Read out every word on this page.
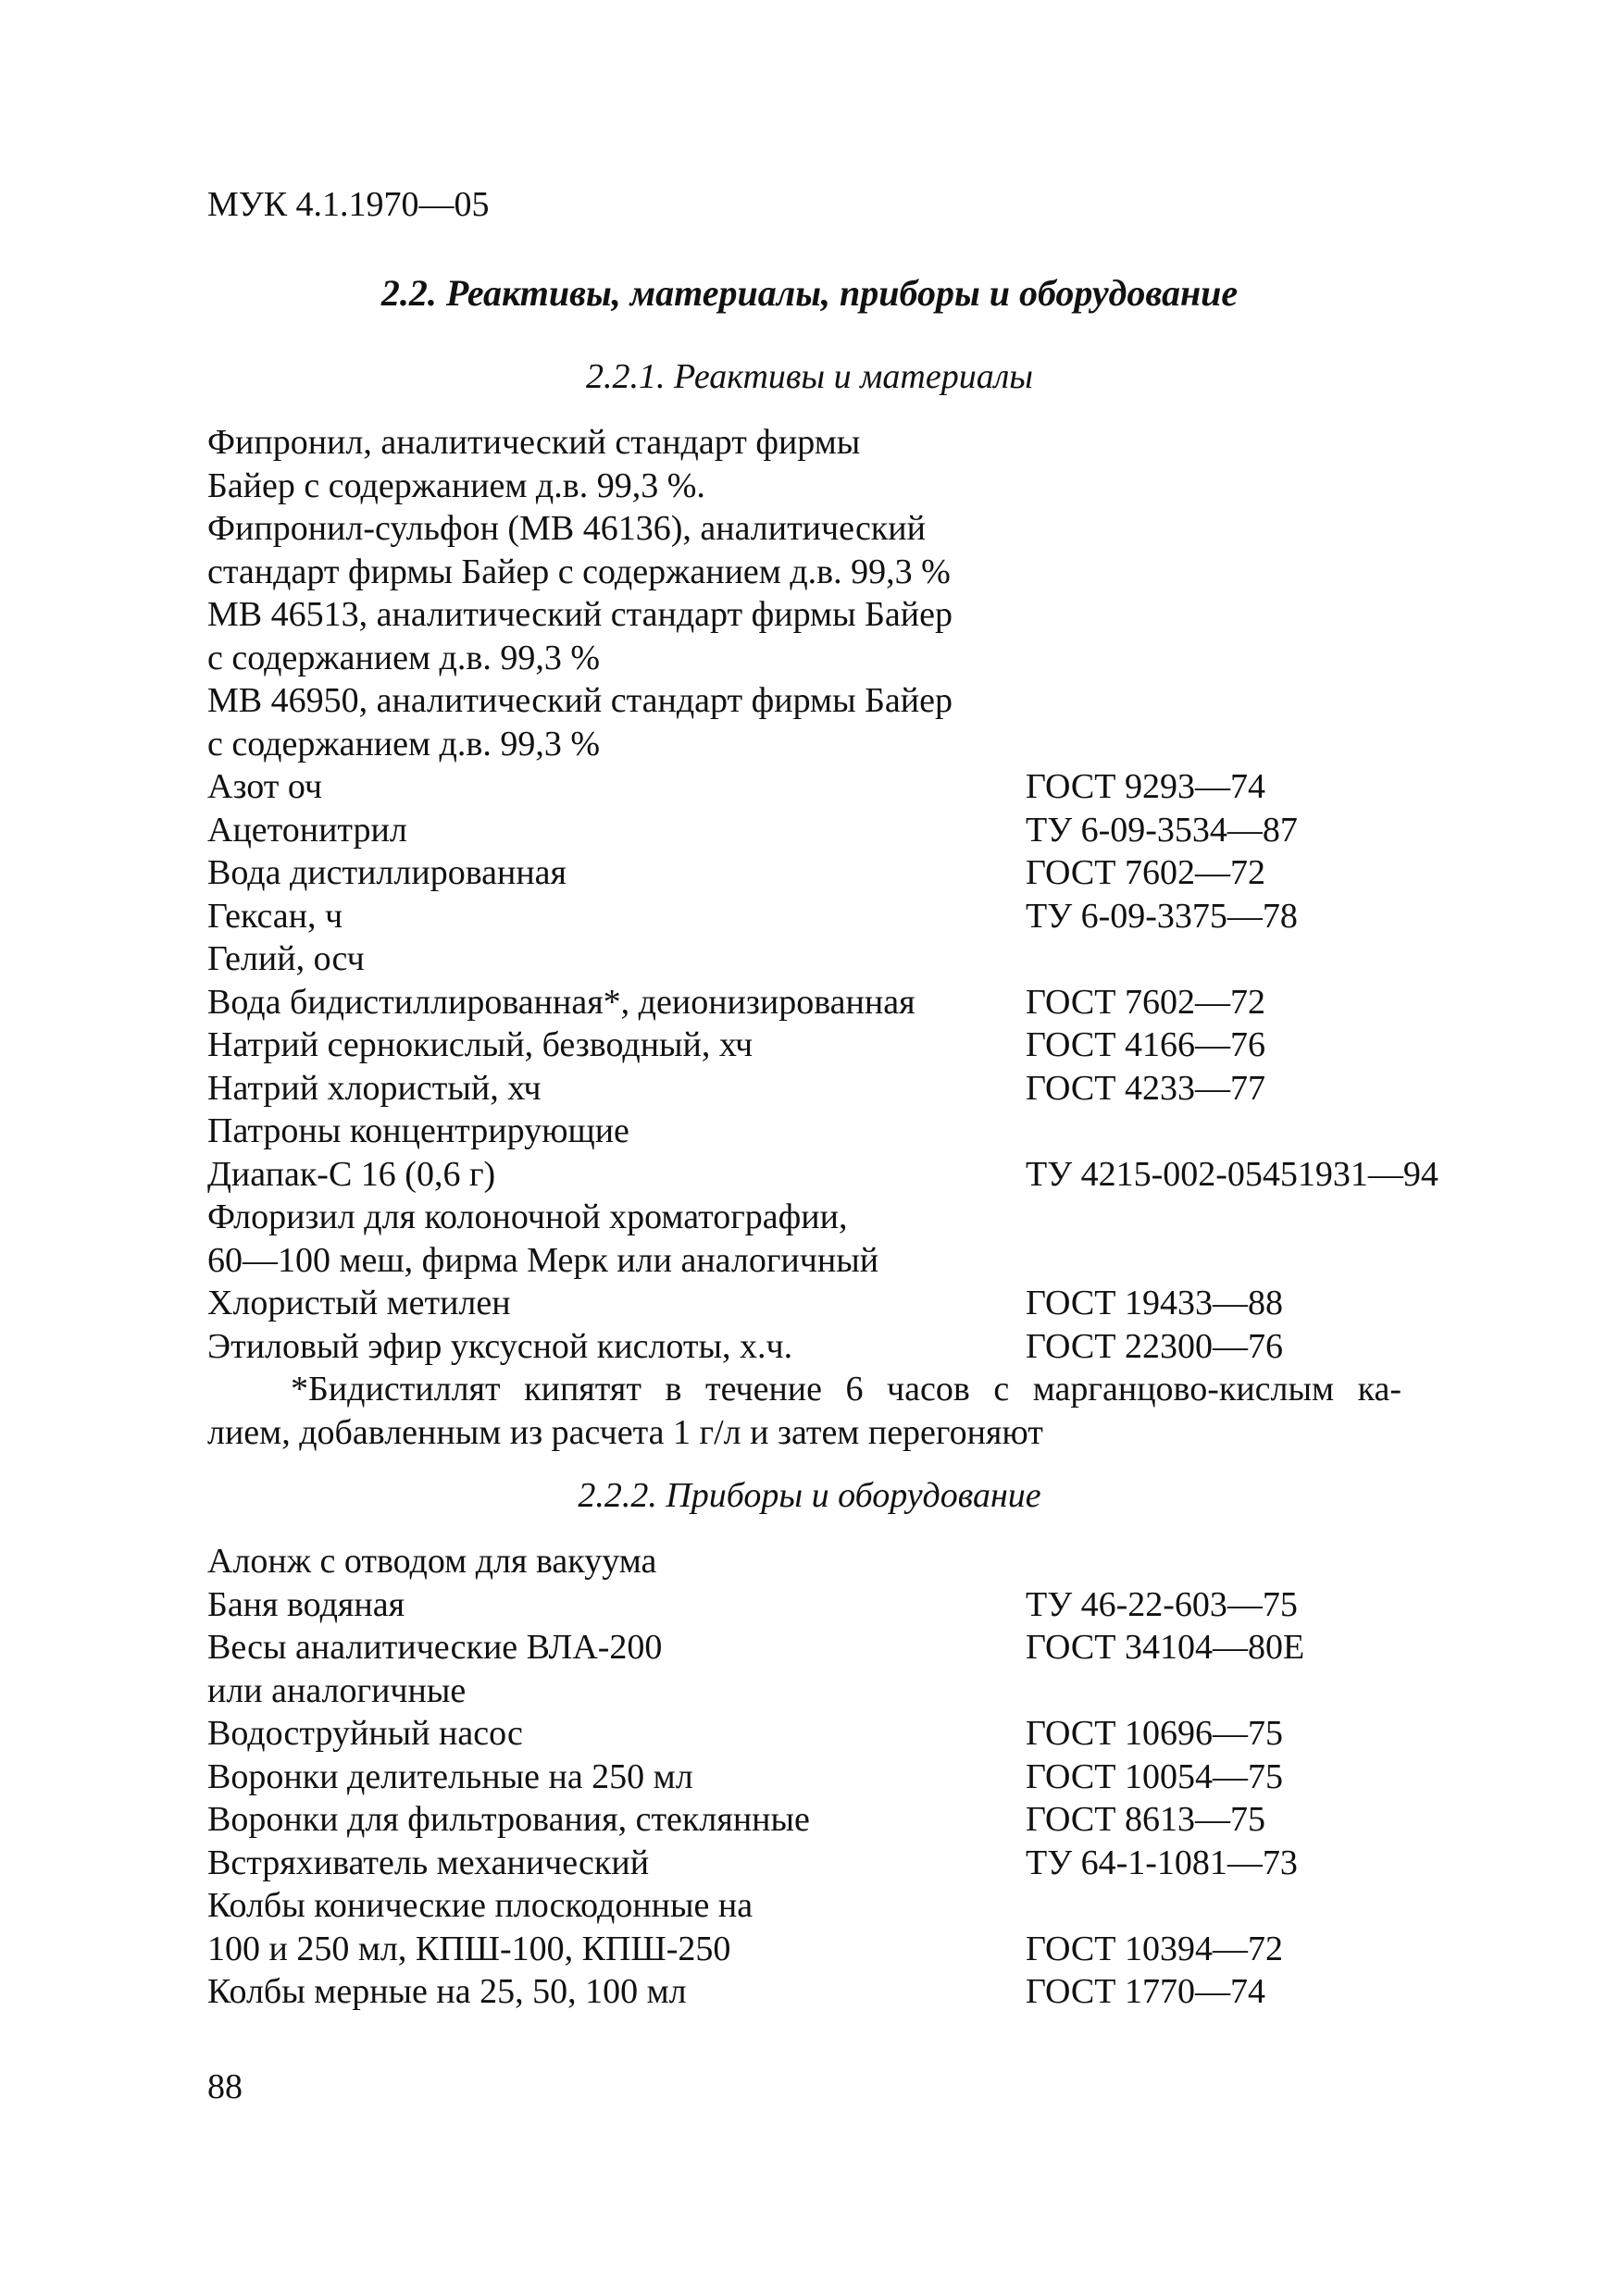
МУК 4.1.1970—05
2.2. Реактивы, материалы, приборы и оборудование
2.2.1. Реактивы и материалы
Фипронил, аналитический стандарт фирмы
Байер с содержанием д.в. 99,3 %.
Фипронил-сульфон (МВ 46136), аналитический
стандарт фирмы Байер с содержанием д.в. 99,3 %
МВ 46513, аналитический стандарт фирмы Байер
с содержанием д.в. 99,3 %
МВ 46950, аналитический стандарт фирмы Байер
с содержанием д.в. 99,3 %
Азот оч	ГОСТ 9293—74
Ацетонитрил	ТУ 6-09-3534—87
Вода дистиллированная	ГОСТ 7602—72
Гексан, ч	ТУ 6-09-3375—78
Гелий, осч
Вода бидистиллированная*, деионизированная	ГОСТ 7602—72
Натрий сернокислый, безводный, хч	ГОСТ 4166—76
Натрий хлористый, хч	ГОСТ 4233—77
Патроны концентрирующие
Диапак-С 16 (0,6 г)	ТУ 4215-002-05451931—94
Флоризил для колоночной хроматографии,
60—100 меш, фирма Мерк или аналогичный
Хлористый метилен	ГОСТ 19433—88
Этиловый эфир уксусной кислоты, х.ч.	ГОСТ 22300—76
*Бидистиллят кипятят в течение 6 часов с марганцово-кислым ка-
лием, добавленным из расчета 1 г/л и затем перегоняют
2.2.2. Приборы и оборудование
Алонж с отводом для вакуума
Баня водяная	ТУ 46-22-603—75
Весы аналитические ВЛА-200	ГОСТ 34104—80Е
или аналогичные
Водоструйный насос	ГОСТ 10696—75
Воронки делительные на 250 мл	ГОСТ 10054—75
Воронки для фильтрования, стеклянные	ГОСТ 8613—75
Встряхиватель механический	ТУ 64-1-1081—73
Колбы конические плоскодонные на
100 и 250 мл, КПШ-100, КПШ-250	ГОСТ 10394—72
Колбы мерные на 25, 50, 100 мл	ГОСТ 1770—74
88
